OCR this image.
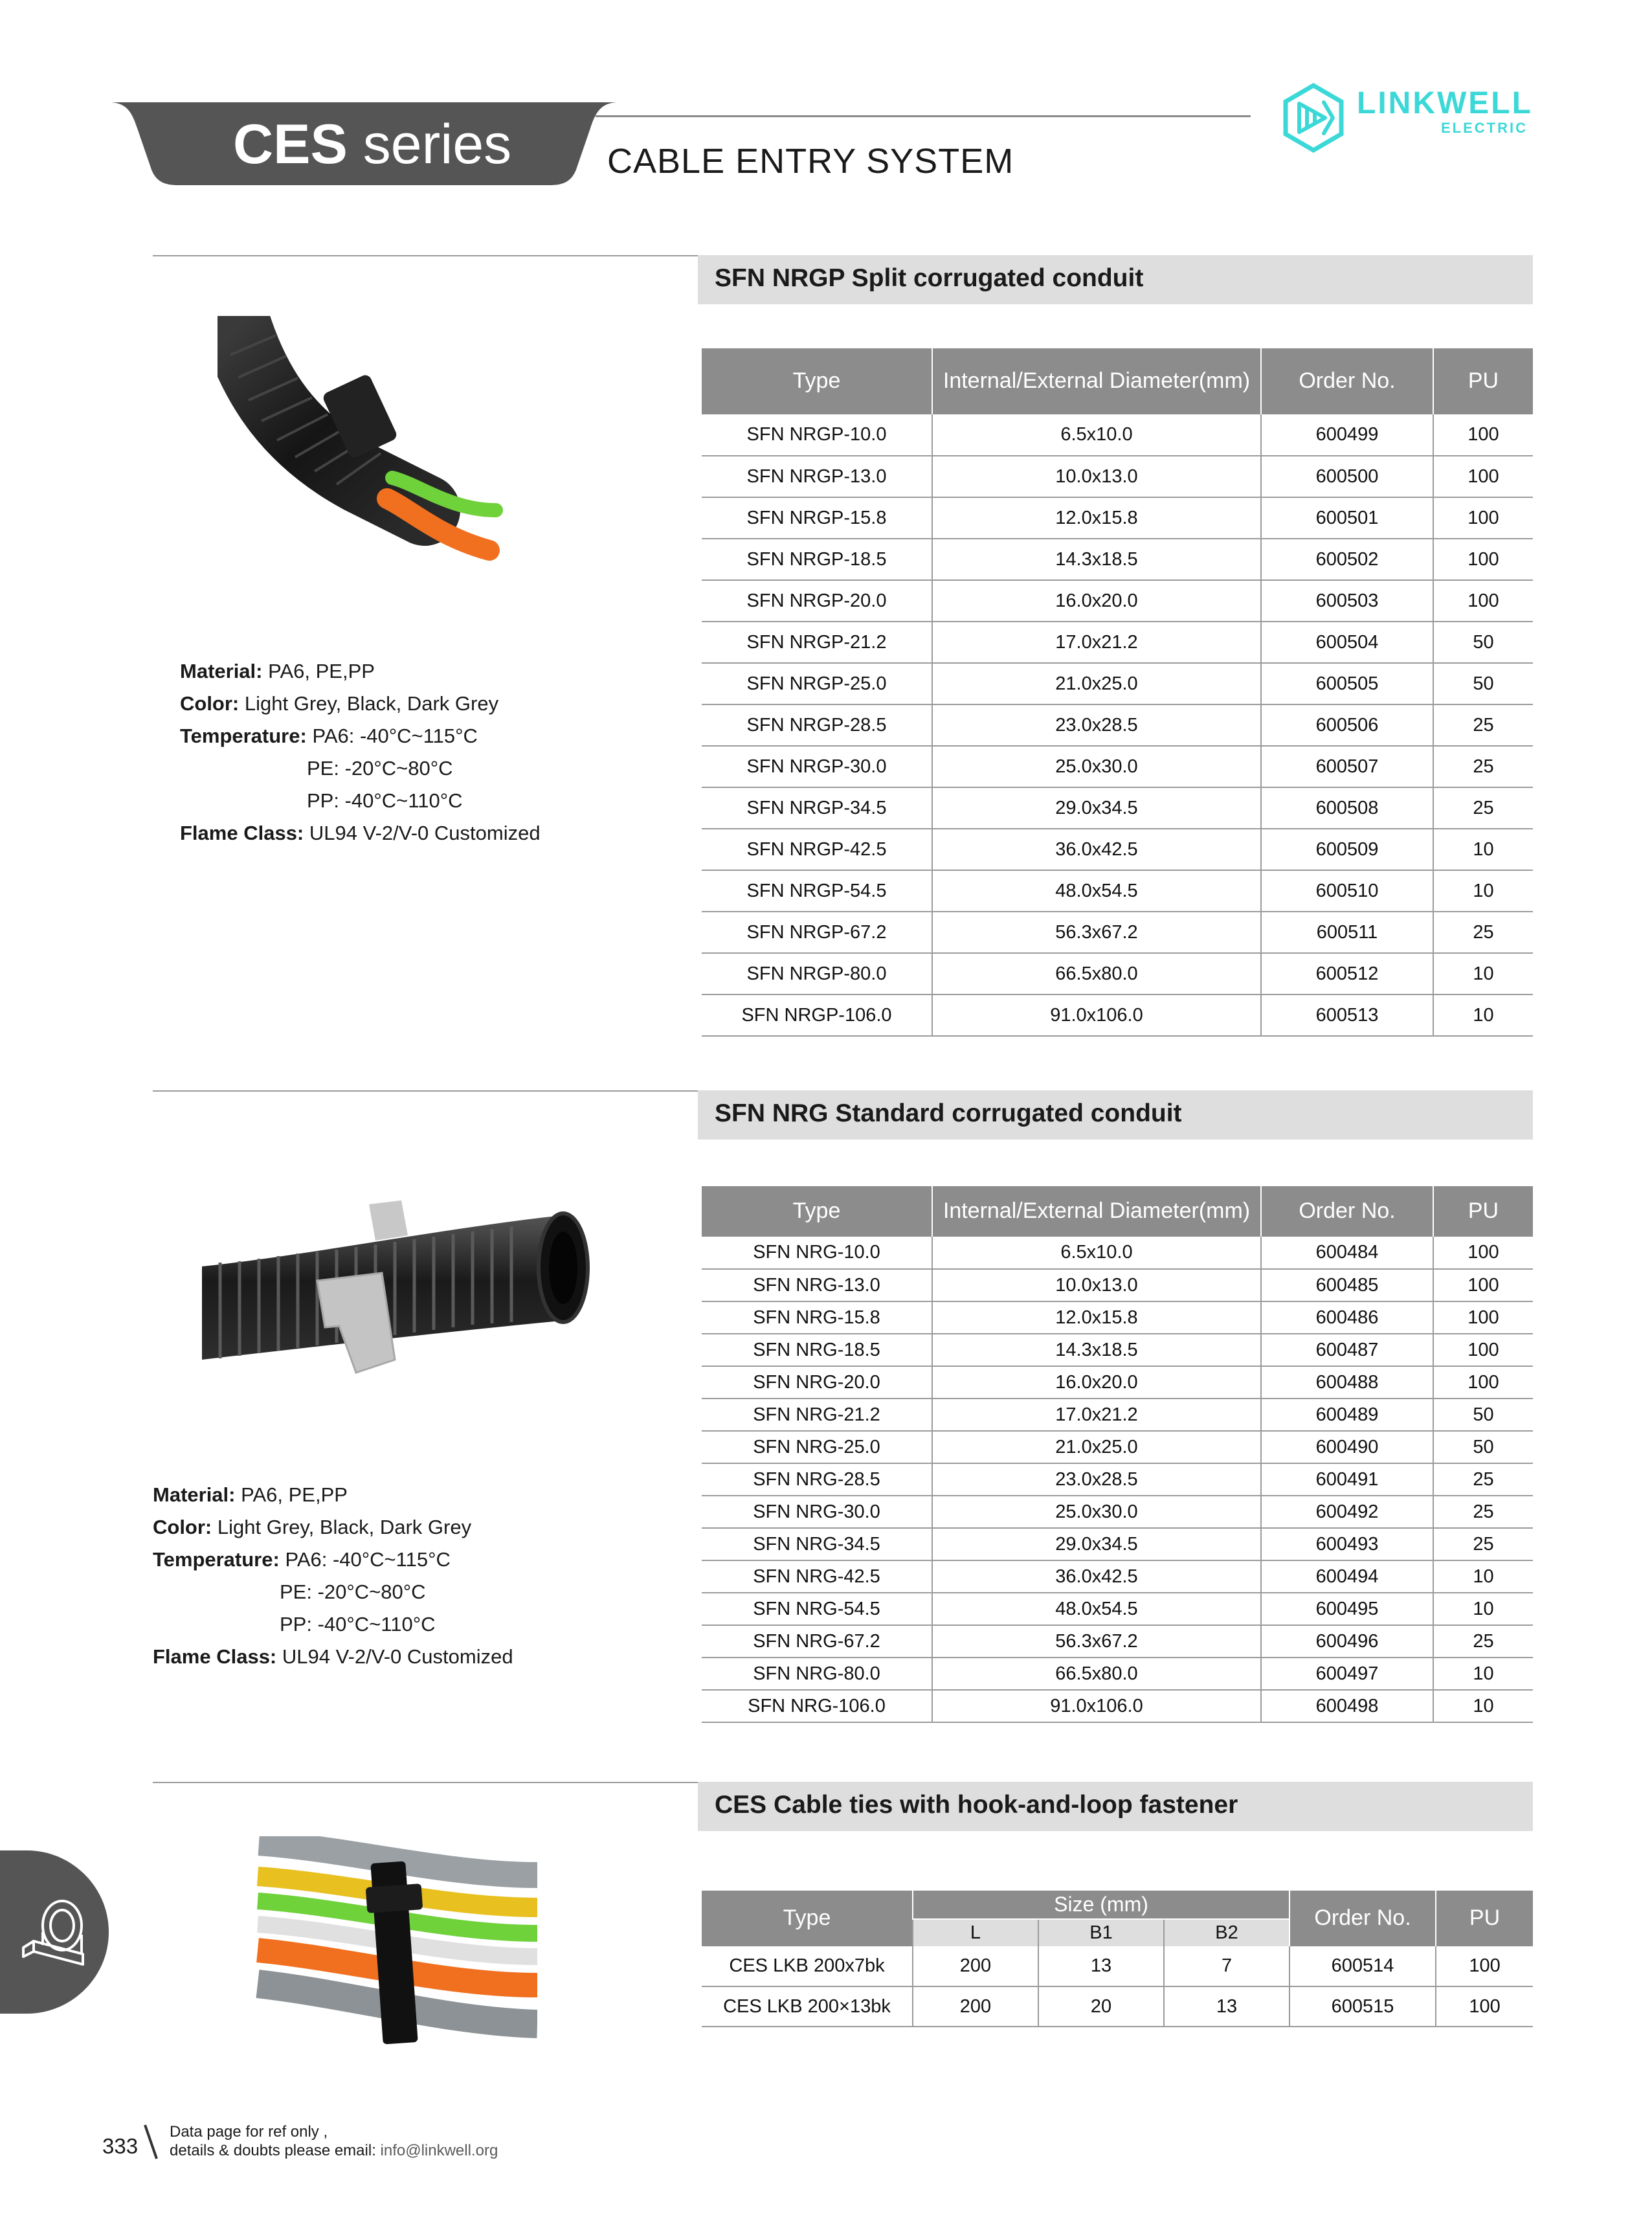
CES series	CABLE ENTRY SYSTEM
LINKWELL
ELECTRIC
SFN NRGP Split corrugated conduit
Material: PA6, PE,PP
Color: Light Grey, Black, Dark Grey
Temperature: PA6: -40°C~115°C
PE: -20°C~80°C
PP: -40°C~110°C
Flame Class: UL94 V-2/V-0 Customized
Type	Internal/External Diameter(mm)	Order No.	PU
SFN NRGP-10.0	6.5x10.0	600499	100
SFN NRGP-13.0	10.0x13.0	600500	100
SFN NRGP-15.8	12.0x15.8	600501	100
SFN NRGP-18.5	14.3x18.5	600502	100
SFN NRGP-20.0	16.0x20.0	600503	100
SFN NRGP-21.2	17.0x21.2	600504	50
SFN NRGP-25.0	21.0x25.0	600505	50
SFN NRGP-28.5	23.0x28.5	600506	25
SFN NRGP-30.0	25.0x30.0	600507	25
SFN NRGP-34.5	29.0x34.5	600508	25
SFN NRGP-42.5	36.0x42.5	600509	10
SFN NRGP-54.5	48.0x54.5	600510	10
SFN NRGP-67.2	56.3x67.2	600511	25
SFN NRGP-80.0	66.5x80.0	600512	10
SFN NRGP-106.0	91.0x106.0	600513	10
SFN NRG Standard corrugated conduit
Material: PA6, PE,PP
Color: Light Grey, Black, Dark Grey
Temperature: PA6: -40°C~115°C
PE: -20°C~80°C
PP: -40°C~110°C
Flame Class: UL94 V-2/V-0 Customized
Type	Internal/External Diameter(mm)	Order No.	PU
SFN NRG-10.0	6.5x10.0	600484	100
SFN NRG-13.0	10.0x13.0	600485	100
SFN NRG-15.8	12.0x15.8	600486	100
SFN NRG-18.5	14.3x18.5	600487	100
SFN NRG-20.0	16.0x20.0	600488	100
SFN NRG-21.2	17.0x21.2	600489	50
SFN NRG-25.0	21.0x25.0	600490	50
SFN NRG-28.5	23.0x28.5	600491	25
SFN NRG-30.0	25.0x30.0	600492	25
SFN NRG-34.5	29.0x34.5	600493	25
SFN NRG-42.5	36.0x42.5	600494	10
SFN NRG-54.5	48.0x54.5	600495	10
SFN NRG-67.2	56.3x67.2	600496	25
SFN NRG-80.0	66.5x80.0	600497	10
SFN NRG-106.0	91.0x106.0	600498	10
CES Cable ties with hook-and-loop fastener
Type	Size (mm)			Order No.	PU
	L	B1	B2		
CES LKB 200x7bk	200	13	7	600514	100
CES LKB 200×13bk	200	20	13	600515	100
333
Data page for ref only ,
details & doubts please email: info@linkwell.org
